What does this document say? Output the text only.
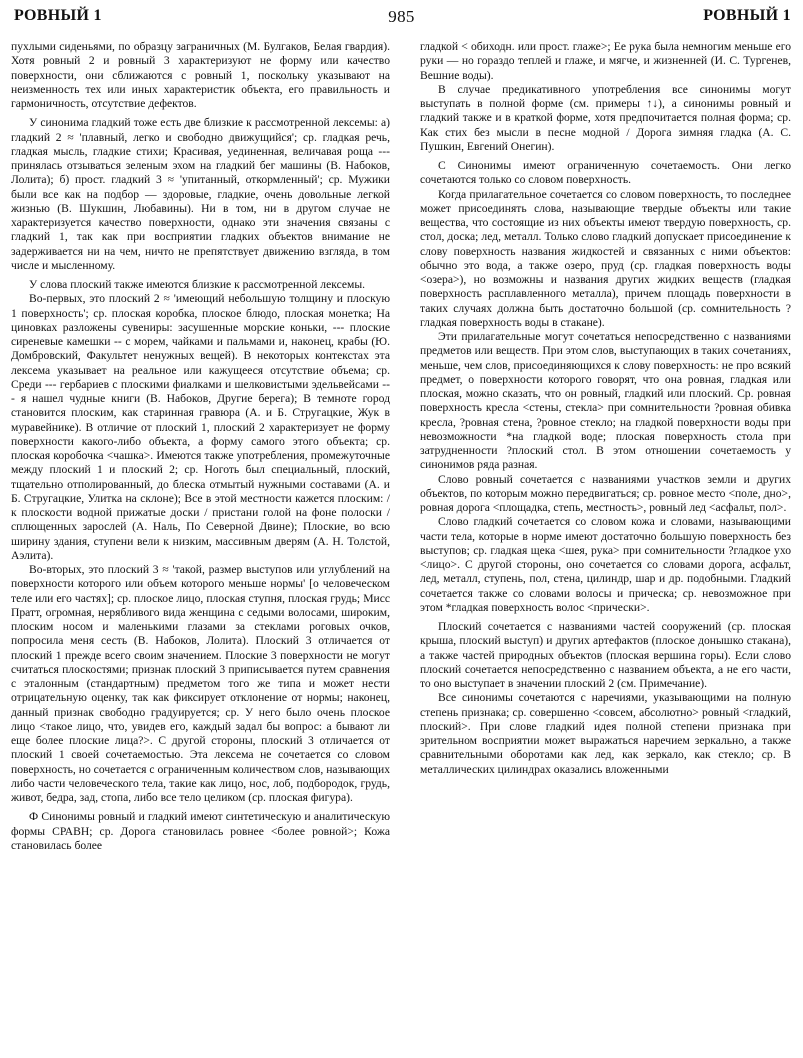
РОВНЫЙ 1	985	РОВНЫЙ 1

пухлыми сиденьями, по образцу заграничных (М. Булгаков, Белая гвардия). Хотя ровный 2 и ровный 3 характеризуют не форму или качество поверхности, они сближаются с ровный 1, поскольку указывают на неизменность тех или иных характеристик объекта, его правильность и гармоничность, отсутствие дефектов.

У синонима гладкий тоже есть две близкие к рассмотренной лексемы: а) гладкий 2 ≈ 'плавный, легко и свободно движущийся'; ср. гладкая речь, гладкая мысль, гладкие стихи; Красивая, уединенная, величавая роща --- принялась отзываться зеленым эхом на гладкий бег машины (В. Набоков, Лолита); б) прост. гладкий 3 ≈ 'упитанный, откормленный'; ср. Мужики были все как на подбор — здоровые, гладкие, очень довольные легкой жизнью (В. Шукшин, Любавины). Ни в том, ни в другом случае не характеризуется качество поверхности, однако эти значения связаны с гладкий 1, так как при восприятии гладких объектов внимание не задерживается ни на чем, ничто не препятствует движению взгляда, в том числе и мысленному.

У слова плоский также имеются близкие к рассмотренной лексемы.

Во-первых, это плоский 2 ≈ 'имеющий небольшую толщину и плоскую 1 поверхность'; ср. плоская коробка, плоское блюдо, плоская монетка; На циновках разложены сувениры: засушенные морские коньки, --- плоские сиреневые камешки -- с морем, чайками и пальмами и, наконец, крабы (Ю. Домбровский, Факультет ненужных вещей). В некоторых контекстах эта лексема указывает на реальное или кажущееся отсутствие объема; ср. Среди --- гербариев с плоскими фиалками и шелковистыми эдельвейсами --- я нашел чудные книги (В. Набоков, Другие берега); В темноте город становится плоским, как старинная гравюра (А. и Б. Стругацкие, Жук в муравейнике). В отличие от плоский 1, плоский 2 характеризует не форму поверхности какого-либо объекта, а форму самого этого объекта; ср. плоская коробочка <чашка>. Имеются также употребления, промежуточные между плоский 1 и плоский 2; ср. Ноготь был специальный, плоский, тщательно отполированный, до блеска отмытый нужными составами (А. и Б. Стругацкие, Улитка на склоне); Все в этой местности кажется плоским: / к плоскости водной прижатые доски / пристани голой на фоне полоски / сплющенных зарослей (А. Наль, По Северной Двине); Плоские, во всю ширину здания, ступени вели к низким, массивным дверям (А. Н. Толстой, Аэлита).

Во-вторых, это плоский 3 ≈ 'такой, размер выступов или углублений на поверхности которого или объем которого меньше нормы' [о человеческом теле или его частях]; ср. плоское лицо, плоская ступня, плоская грудь; Мисс Пратт, огромная, нерябливого вида женщина с седыми волосами, широким, плоским носом и маленькими глазами за стеклами роговых очков, попросила меня сесть (В. Набоков, Лолита). Плоский 3 отличается от плоский 1 прежде всего своим значением. Плоские 3 поверхности не могут считаться плоскостями; признак плоский 3 приписывается путем сравнения с эталонным (стандартным) предметом того же типа и может нести отрицательную оценку, так как фиксирует отклонение от нормы; наконец, данный признак свободно градуируется; ср. У него было очень плоское лицо <такое лицо, что, увидев его, каждый задал бы вопрос: а бывают ли еще более плоские лица?>. С другой стороны, плоский 3 отличается от плоский 1 своей сочетаемостью. Эта лексема не сочетается со словом поверхность, но сочетается с ограниченным количеством слов, называющих либо части человеческого тела, такие как лицо, нос, лоб, подбородок, грудь, живот, бедра, зад, стопа, либо все тело целиком (ср. плоская фигура).

Ф Синонимы ровный и гладкий имеют синтетическую и аналитическую формы СРАВН; ср. Дорога становилась ровнее <более ровной>; Кожа становилась более

гладкой < обиходн. или прост. глаже>; Ее рука была немногим меньше его руки — но гораздо теплей и глаже, и мягче, и жизненней (И. С. Тургенев, Вешние воды).

В случае предикативного употребления все синонимы могут выступать в полной форме (см. примеры ↑↓), а синонимы ровный и гладкий также и в краткой форме, хотя предпочитается полная форма; ср. Как стих без мысли в песне модной / Дорога зимняя гладка (А. С. Пушкин, Евгений Онегин).

С Синонимы имеют ограниченную сочетаемость. Они легко сочетаются только со словом поверхность.

Когда прилагательное сочетается со словом поверхность, то последнее может присоединять слова, называющие твердые объекты или такие вещества, что состоящие из них объекты имеют твердую поверхность, ср. стол, доска; лед, металл. Только слово гладкий допускает присоединение к слову поверхность названия жидкостей и связанных с ними объектов: обычно это вода, а также озеро, пруд (ср. гладкая поверхность воды <озера>), но возможны и названия других жидких веществ (гладкая поверхность расплавленного металла), причем площадь поверхности в таких случаях должна быть достаточно большой (ср. сомнительность ?гладкая поверхность воды в стакане).

Эти прилагательные могут сочетаться непосредственно с названиями предметов или веществ. При этом слов, выступающих в таких сочетаниях, меньше, чем слов, присоединяющихся к слову поверхность: не про всякий предмет, о поверхности которого говорят, что она ровная, гладкая или плоская, можно сказать, что он ровный, гладкий или плоский. Ср. ровная поверхность кресла <стены, стекла> при сомнительности ?ровная обивка кресла, ?ровная стена, ?ровное стекло; на гладкой поверхности воды при невозможности *на гладкой воде; плоская поверхность стола при затрудненности ?плоский стол. В этом отношении сочетаемость у синонимов ряда разная.

Слово ровный сочетается с названиями участков земли и других объектов, по которым можно передвигаться; ср. ровное место <поле, дно>, ровная дорога <площадка, степь, местность>, ровный лед <асфальт, пол>.

Слово гладкий сочетается со словом кожа и словами, называющими части тела, которые в норме имеют достаточно большую поверхность без выступов; ср. гладкая щека <шея, рука> при сомнительности ?гладкое ухо <лицо>. С другой стороны, оно сочетается со словами дорога, асфальт, лед, металл, ступень, пол, стена, цилиндр, шар и др. подобными. Гладкий сочетается также со словами волосы и прическа; ср. невозможное при этом *гладкая поверхность волос <прически>.

Плоский сочетается с названиями частей сооружений (ср. плоская крыша, плоский выступ) и других артефактов (плоское донышко стакана), а также частей природных объектов (плоская вершина горы). Если слово плоский сочетается непосредственно с названием объекта, а не его части, то оно выступает в значении плоский 2 (см. Примечание).

Все синонимы сочетаются с наречиями, указывающими на полную степень признака; ср. совершенно <совсем, абсолютно> ровный <гладкий, плоский>. При слове гладкий идея полной степени признака при зрительном восприятии может выражаться наречием зеркально, а также сравнительными оборотами как лед, как зеркало, как стекло; ср. В металлических цилиндрах оказались вложенными
